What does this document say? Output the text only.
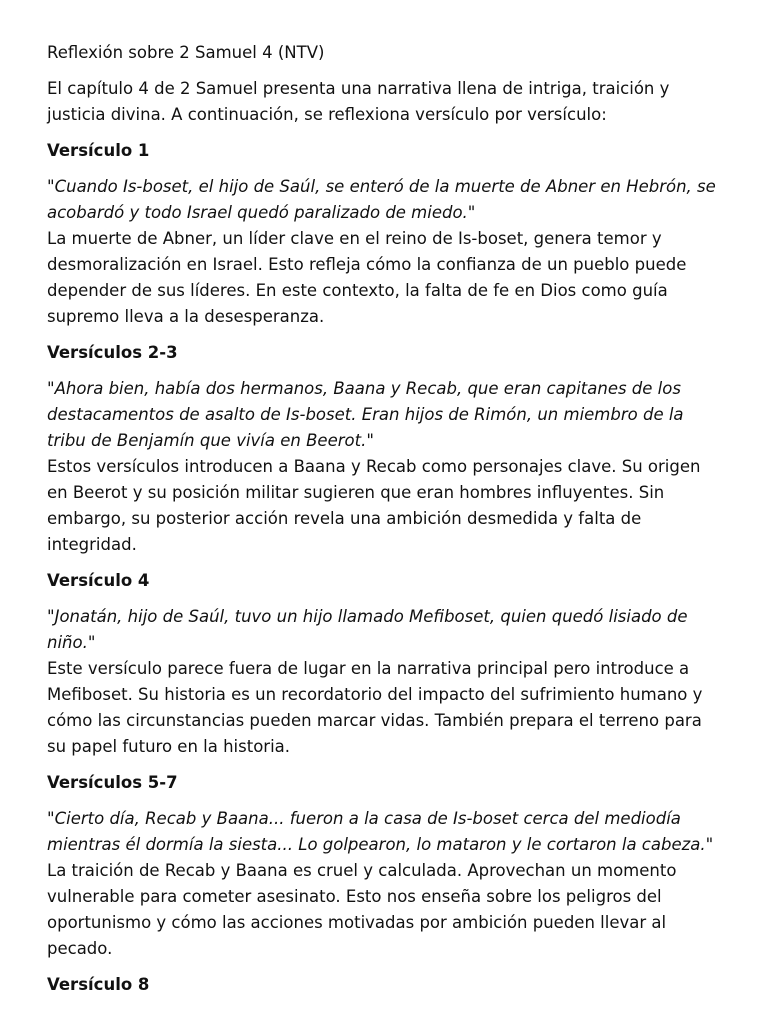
Reflexión sobre 2 Samuel 4 (NTV)

El capítulo 4 de 2 Samuel presenta una narrativa llena de intriga, traición y justicia divina. A continuación, se reflexiona versículo por versículo:

Versículo 1

"Cuando Is-boset, el hijo de Saúl, se enteró de la muerte de Abner en Hebrón, se acobardó y todo Israel quedó paralizado de miedo."
La muerte de Abner, un líder clave en el reino de Is-boset, genera temor y desmoralización en Israel. Esto refleja cómo la confianza de un pueblo puede depender de sus líderes. En este contexto, la falta de fe en Dios como guía supremo lleva a la desesperanza.

Versículos 2-3

"Ahora bien, había dos hermanos, Baana y Recab, que eran capitanes de los destacamentos de asalto de Is-boset. Eran hijos de Rimón, un miembro de la tribu de Benjamín que vivía en Beerot."
Estos versículos introducen a Baana y Recab como personajes clave. Su origen en Beerot y su posición militar sugieren que eran hombres influyentes. Sin embargo, su posterior acción revela una ambición desmedida y falta de integridad.

Versículo 4

"Jonatán, hijo de Saúl, tuvo un hijo llamado Mefiboset, quien quedó lisiado de niño."
Este versículo parece fuera de lugar en la narrativa principal pero introduce a Mefiboset. Su historia es un recordatorio del impacto del sufrimiento humano y cómo las circunstancias pueden marcar vidas. También prepara el terreno para su papel futuro en la historia.

Versículos 5-7

"Cierto día, Recab y Baana... fueron a la casa de Is-boset cerca del mediodía mientras él dormía la siesta... Lo golpearon, lo mataron y le cortaron la cabeza."
La traición de Recab y Baana es cruel y calculada. Aprovechan un momento vulnerable para cometer asesinato. Esto nos enseña sobre los peligros del oportunismo y cómo las acciones motivadas por ambición pueden llevar al pecado.

Versículo 8
